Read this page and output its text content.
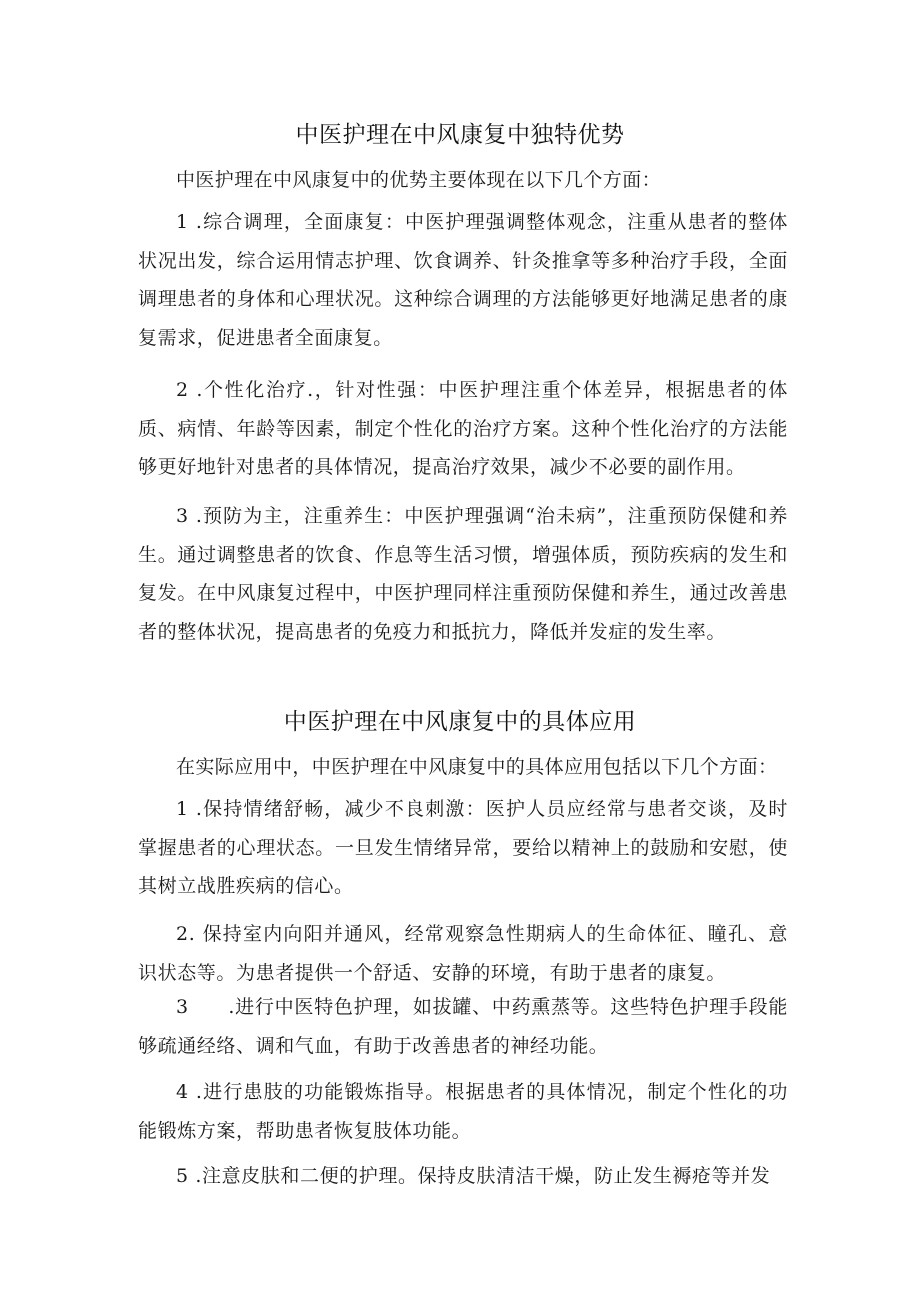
中医护理在中风康复中独特优势
中医护理在中风康复中的优势主要体现在以下几个方面：
1 .综合调理，全面康复：中医护理强调整体观念，注重从患者的整体状况出发，综合运用情志护理、饮食调养、针灸推拿等多种治疗手段，全面调理患者的身体和心理状况。这种综合调理的方法能够更好地满足患者的康复需求，促进患者全面康复。
2 .个性化治疗.，针对性强：中医护理注重个体差异，根据患者的体质、病情、年龄等因素，制定个性化的治疗方案。这种个性化治疗的方法能够更好地针对患者的具体情况，提高治疗效果，减少不必要的副作用。
3 .预防为主，注重养生：中医护理强调“治未病”，注重预防保健和养生。通过调整患者的饮食、作息等生活习惯，增强体质，预防疾病的发生和复发。在中风康复过程中，中医护理同样注重预防保健和养生，通过改善患者的整体状况，提高患者的免疫力和抵抗力，降低并发症的发生率。
中医护理在中风康复中的具体应用
在实际应用中，中医护理在中风康复中的具体应用包括以下几个方面：
1 .保持情绪舒畅，减少不良刺激：医护人员应经常与患者交谈，及时掌握患者的心理状态。一旦发生情绪异常，要给以精神上的鼓励和安慰，使其树立战胜疾病的信心。
2. 保持室内向阳并通风，经常观察急性期病人的生命体征、瞳孔、意识状态等。为患者提供一个舒适、安静的环境，有助于患者的康复。
3　　.进行中医特色护理，如拔罐、中药熏蒸等。这些特色护理手段能够疏通经络、调和气血，有助于改善患者的神经功能。
4 .进行患肢的功能锻炼指导。根据患者的具体情况，制定个性化的功能锻炼方案，帮助患者恢复肢体功能。
5 .注意皮肤和二便的护理。保持皮肤清洁干燥，防止发生褥疮等并发
